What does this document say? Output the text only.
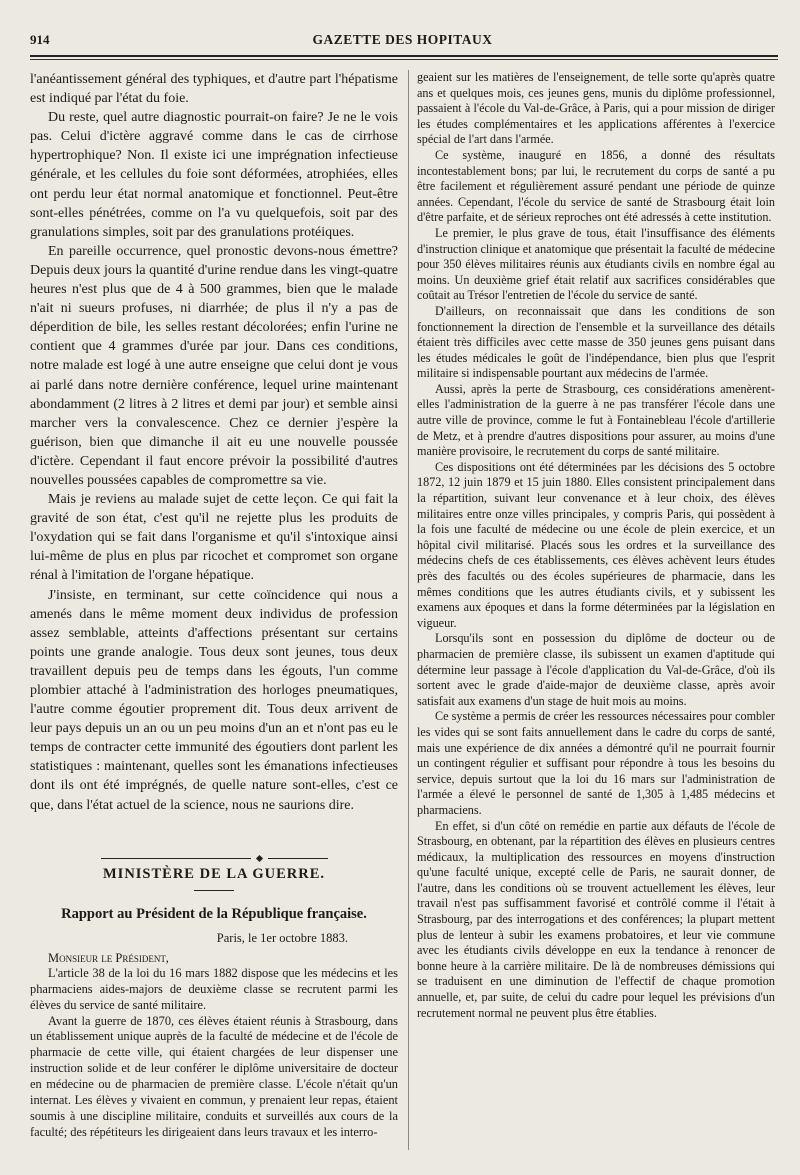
914	GAZETTE DES HOPITAUX

l'anéantissement général des typhiques, et d'autre part l'hépatisme est indiqué par l'état du foie.

Du reste, quel autre diagnostic pourrait-on faire? Je ne le vois pas. Celui d'ictère aggravé comme dans le cas de cirrhose hypertrophique? Non. Il existe ici une imprégnation infectieuse générale, et les cellules du foie sont déformées, atrophiées, elles ont perdu leur état normal anatomique et fonctionnel. Peut-être sont-elles pénétrées, comme on l'a vu quelquefois, soit par des granulations simples, soit par des granulations protéiques.

En pareille occurrence, quel pronostic devons-nous émettre? Depuis deux jours la quantité d'urine rendue dans les vingt-quatre heures n'est plus que de 4 à 500 grammes, bien que le malade n'ait ni sueurs profuses, ni diarrhée; de plus il n'y a pas de déperdition de bile, les selles restant décolorées; enfin l'urine ne contient que 4 grammes d'urée par jour. Dans ces conditions, notre malade est logé à une autre enseigne que celui dont je vous ai parlé dans notre dernière conférence, lequel urine maintenant abondamment (2 litres à 2 litres et demi par jour) et semble ainsi marcher vers la convalescence. Chez ce dernier j'espère la guérison, bien que dimanche il ait eu une nouvelle poussée d'ictère. Cependant il faut encore prévoir la possibilité d'autres nouvelles poussées capables de compromettre sa vie.

Mais je reviens au malade sujet de cette leçon. Ce qui fait la gravité de son état, c'est qu'il ne rejette plus les produits de l'oxydation qui se fait dans l'organisme et qu'il s'intoxique ainsi lui-même de plus en plus par ricochet et compromet son organe rénal à l'imitation de l'organe hépatique.

J'insiste, en terminant, sur cette coïncidence qui nous a amenés dans le même moment deux individus de profession assez semblable, atteints d'affections présentant sur certains points une grande analogie. Tous deux sont jeunes, tous deux travaillent depuis peu de temps dans les égouts, l'un comme plombier attaché à l'administration des horloges pneumatiques, l'autre comme égoutier proprement dit. Tous deux arrivent de leur pays depuis un an ou un peu moins d'un an et n'ont pas eu le temps de contracter cette immunité des égoutiers dont parlent les statistiques : maintenant, quelles sont les émanations infectieuses dont ils ont été imprégnés, de quelle nature sont-elles, c'est ce que, dans l'état actuel de la science, nous ne saurions dire.

MINISTÈRE DE LA GUERRE.
Rapport au Président de la République française.
Paris, le 1er octobre 1883.

Monsieur le Président,

L'article 38 de la loi du 16 mars 1882 dispose que les médecins et les pharmaciens aides-majors de deuxième classe se recrutent parmi les élèves du service de santé militaire.

Avant la guerre de 1870, ces élèves étaient réunis à Strasbourg, dans un établissement unique auprès de la faculté de médecine et de l'école de pharmacie de cette ville, qui étaient chargées de leur dispenser une instruction solide et de leur conférer le diplôme universitaire de docteur en médecine ou de pharmacien de première classe. L'école n'était qu'un internat. Les élèves y vivaient en commun, y prenaient leur repas, étaient soumis à une discipline militaire, conduits et surveillés aux cours de la faculté; des répétiteurs les dirigeaient dans leurs travaux et les interro-

geaient sur les matières de l'enseignement, de telle sorte qu'après quatre ans et quelques mois, ces jeunes gens, munis du diplôme professionnel, passaient à l'école du Val-de-Grâce, à Paris, qui a pour mission de diriger les études complémentaires et les applications afférentes à l'exercice spécial de l'art dans l'armée.

Ce système, inauguré en 1856, a donné des résultats incontestablement bons; par lui, le recrutement du corps de santé a pu être facilement et régulièrement assuré pendant une période de quinze années. Cependant, l'école du service de santé de Strasbourg était loin d'être parfaite, et de sérieux reproches ont été adressés à cette institution.

Le premier, le plus grave de tous, était l'insuffisance des éléments d'instruction clinique et anatomique que présentait la faculté de médecine pour 350 élèves militaires réunis aux étudiants civils en nombre égal au moins. Un deuxième grief était relatif aux sacrifices considérables que coûtait au Trésor l'entretien de l'école du service de santé.

D'ailleurs, on reconnaissait que dans les conditions de son fonctionnement la direction de l'ensemble et la surveillance des détails étaient très difficiles avec cette masse de 350 jeunes gens puisant dans les études médicales le goût de l'indépendance, bien plus que l'esprit militaire si indispensable pourtant aux médecins de l'armée.

Aussi, après la perte de Strasbourg, ces considérations amenèrent-elles l'administration de la guerre à ne pas transférer l'école dans une autre ville de province, comme le fut à Fontainebleau l'école d'artillerie de Metz, et à prendre d'autres dispositions pour assurer, au moins d'une manière provisoire, le recrutement du corps de santé militaire.

Ces dispositions ont été déterminées par les décisions des 5 octobre 1872, 12 juin 1879 et 15 juin 1880. Elles consistent principalement dans la répartition, suivant leur convenance et à leur choix, des élèves militaires entre onze villes principales, y compris Paris, qui possèdent à la fois une faculté de médecine ou une école de plein exercice, et un hôpital civil militarisé. Placés sous les ordres et la surveillance des médecins chefs de ces établissements, ces élèves achèvent leurs études près des facultés ou des écoles supérieures de pharmacie, dans les mêmes conditions que les autres étudiants civils, et y subissent les examens aux époques et dans la forme déterminées par la législation en vigueur.

Lorsqu'ils sont en possession du diplôme de docteur ou de pharmacien de première classe, ils subissent un examen d'aptitude qui détermine leur passage à l'école d'application du Val-de-Grâce, d'où ils sortent avec le grade d'aide-major de deuxième classe, après avoir satisfait aux examens d'un stage de huit mois au moins.

Ce système a permis de créer les ressources nécessaires pour combler les vides qui se sont faits annuellement dans le cadre du corps de santé, mais une expérience de dix années a démontré qu'il ne pourrait fournir un contingent régulier et suffisant pour répondre à tous les besoins du service, depuis surtout que la loi du 16 mars sur l'administration de l'armée a élevé le personnel de santé de 1,305 à 1,485 médecins et pharmaciens.

En effet, si d'un côté on remédie en partie aux défauts de l'école de Strasbourg, en obtenant, par la répartition des élèves en plusieurs centres médicaux, la multiplication des ressources en moyens d'instruction qu'une faculté unique, excepté celle de Paris, ne saurait donner, de l'autre, dans les conditions où se trouvent actuellement les élèves, leur travail n'est pas suffisamment favorisé et contrôlé comme il l'était à Strasbourg, par des interrogations et des conférences; la plupart mettent plus de lenteur à subir les examens probatoires, et leur vie commune avec les étudiants civils développe en eux la tendance à renoncer de bonne heure à la carrière militaire. De là de nombreuses démissions qui se traduisent en une diminution de l'effectif de chaque promotion annuelle, et, par suite, de celui du cadre pour lequel les prévisions d'un recrutement normal ne peuvent plus être établies.
